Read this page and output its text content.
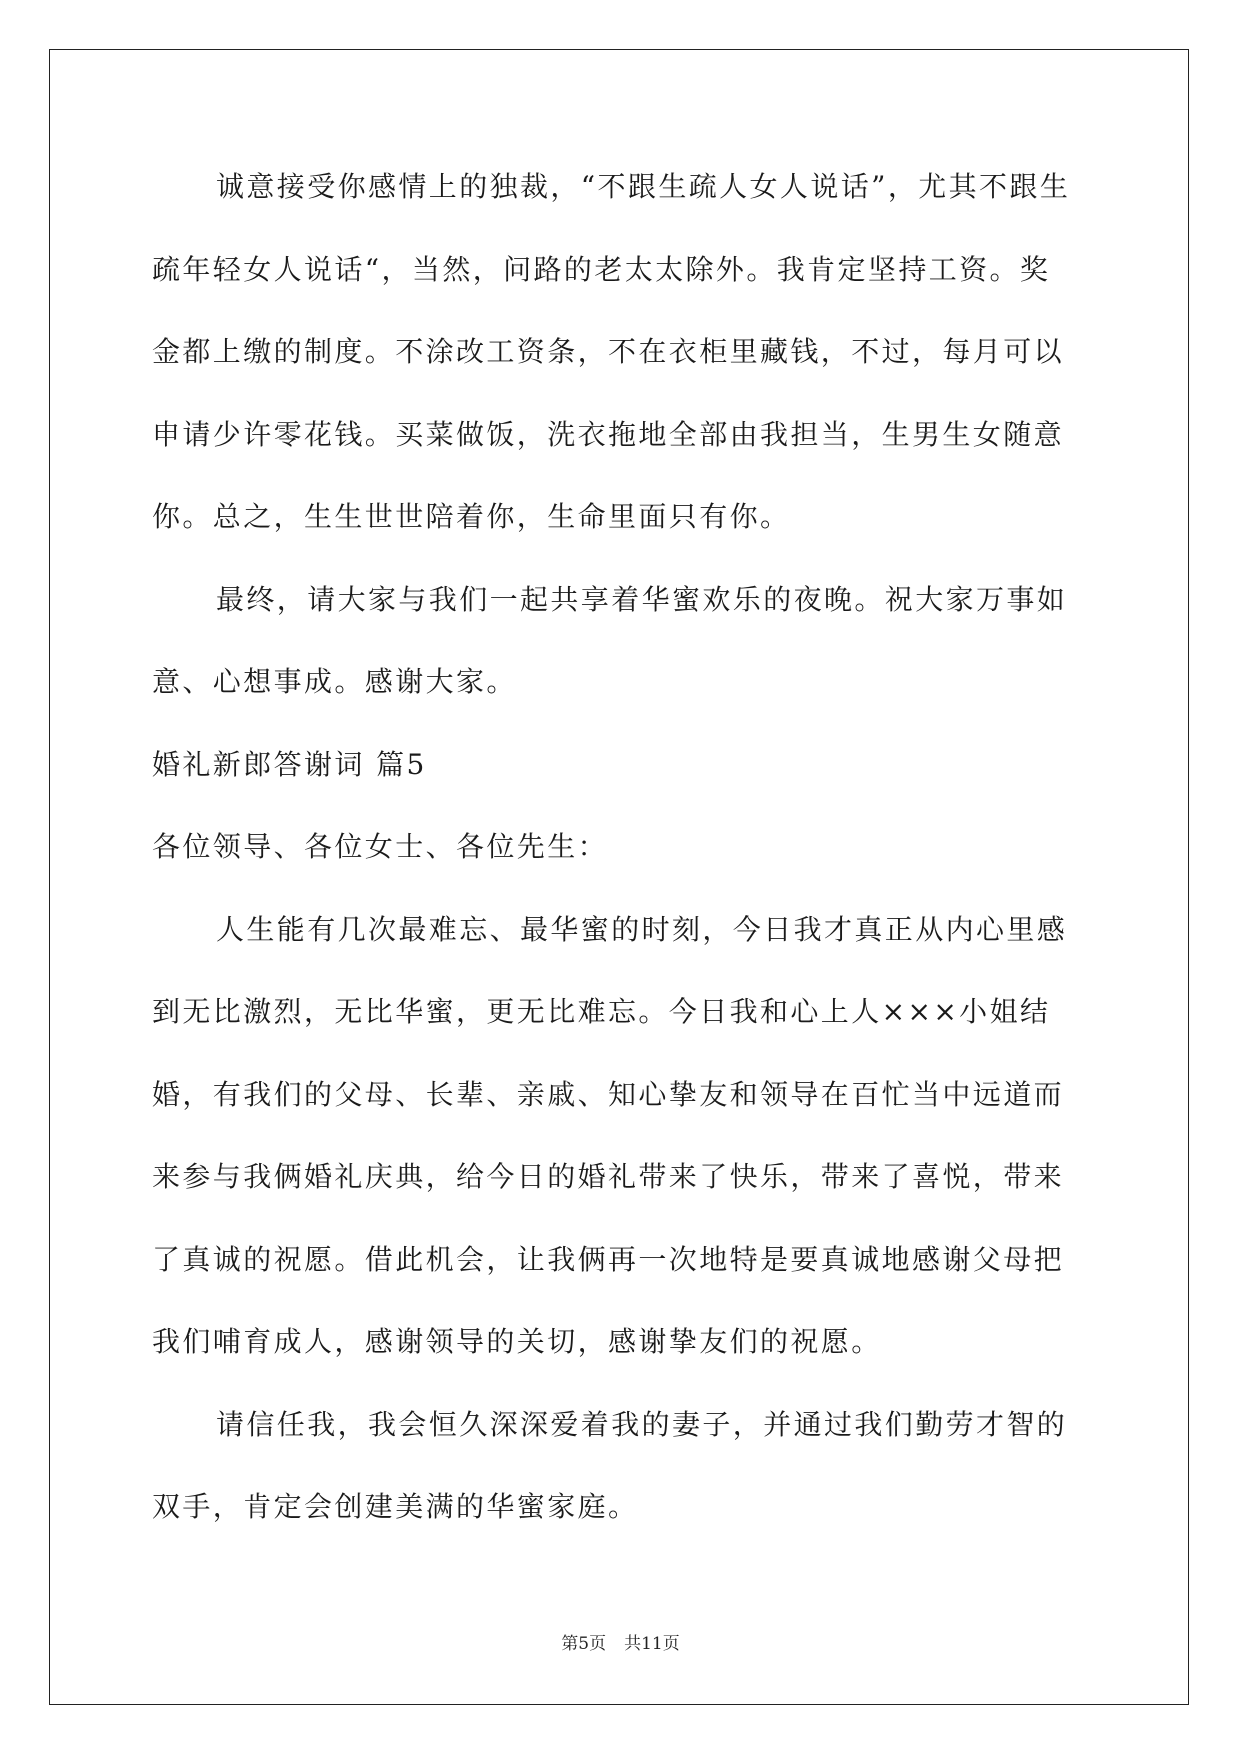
诚意接受你感情上的独裁，“不跟生疏人女人说话”，尤其不跟生
疏年轻女人说话“，当然，问路的老太太除外。我肯定坚持工资。奖
金都上缴的制度。不涂改工资条，不在衣柜里藏钱，不过，每月可以
申请少许零花钱。买菜做饭，洗衣拖地全部由我担当，生男生女随意
你。总之，生生世世陪着你，生命里面只有你。
最终，请大家与我们一起共享着华蜜欢乐的夜晚。祝大家万事如
意、心想事成。感谢大家。
婚礼新郎答谢词 篇5
各位领导、各位女士、各位先生：
人生能有几次最难忘、最华蜜的时刻，今日我才真正从内心里感
到无比激烈，无比华蜜，更无比难忘。今日我和心上人×××小姐结
婚，有我们的父母、长辈、亲戚、知心挚友和领导在百忙当中远道而
来参与我俩婚礼庆典，给今日的婚礼带来了快乐，带来了喜悦，带来
了真诚的祝愿。借此机会，让我俩再一次地特是要真诚地感谢父母把
我们哺育成人，感谢领导的关切，感谢挚友们的祝愿。
请信任我，我会恒久深深爱着我的妻子，并通过我们勤劳才智的
双手，肯定会创建美满的华蜜家庭。
第5页 共11页
